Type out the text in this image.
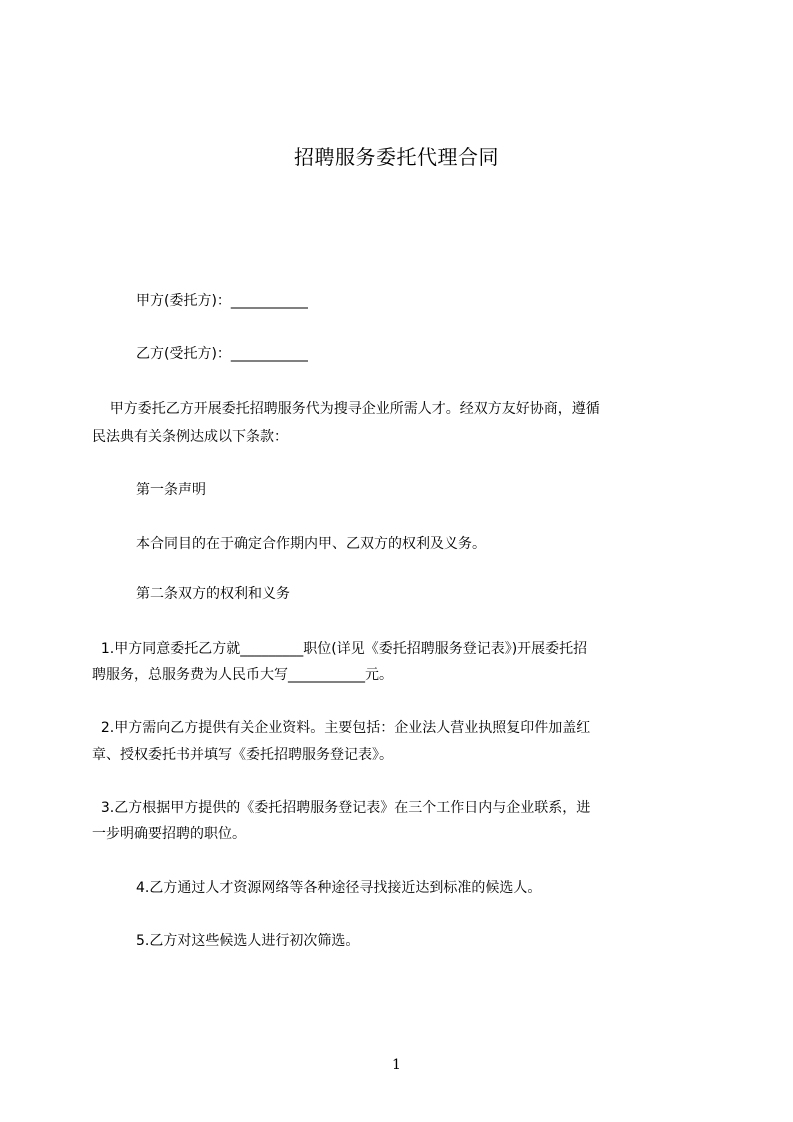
招聘服务委托代理合同
甲方(委托方)：___________
乙方(受托方)：___________
甲方委托乙方开展委托招聘服务代为搜寻企业所需人才。经双方友好协商，遵循
民法典有关条例达成以下条款：
第一条声明
本合同目的在于确定合作期内甲、乙双方的权利及义务。
第二条双方的权利和义务
1.甲方同意委托乙方就_________职位(详见《委托招聘服务登记表》)开展委托招
聘服务，总服务费为人民币大写___________元。
2.甲方需向乙方提供有关企业资料。主要包括：企业法人营业执照复印件加盖红
章、授权委托书并填写《委托招聘服务登记表》。
3.乙方根据甲方提供的《委托招聘服务登记表》在三个工作日内与企业联系，进
一步明确要招聘的职位。
4.乙方通过人才资源网络等各种途径寻找接近达到标准的候选人。
5.乙方对这些候选人进行初次筛选。
1
